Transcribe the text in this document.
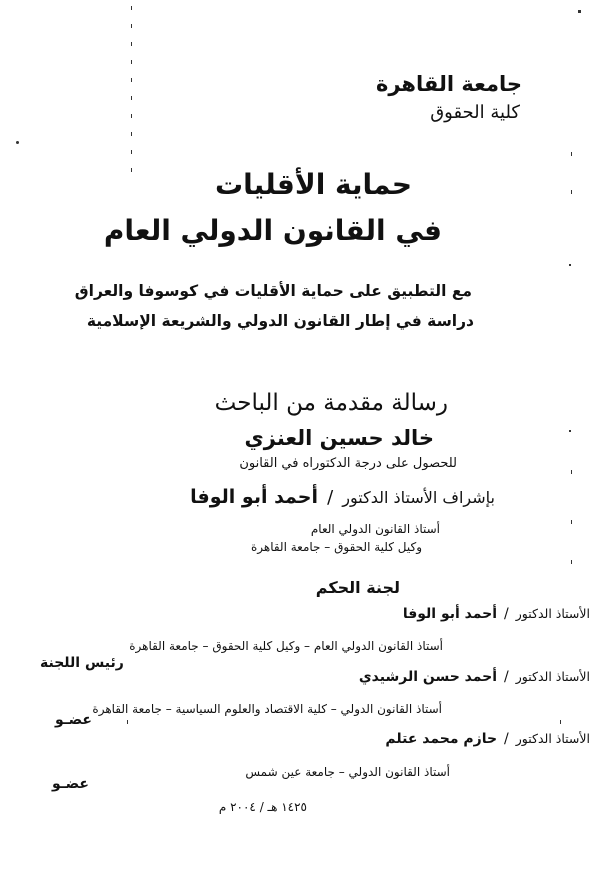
جامعة القاهرة
كلية الحقوق
حماية الأقليات
في القانون الدولي العام
مع التطبيق على حماية الأقليات في كوسوفا والعراق
دراسة في إطار القانون الدولي والشريعة الإسلامية
رسالة مقدمة من الباحث
خالد حسين العنزي
للحصول على درجة الدكتوراه في القانون
بإشراف الأستاذ الدكتور / أحمد أبو الوفا
أستاذ القانون الدولي العام
وكيل كلية الحقوق – جامعة القاهرة
لجنة الحكم
الأستاذ الدكتور / أحمد أبو الوفا
أستاذ القانون الدولي العام – وكيل كلية الحقوق – جامعة القاهرة
رئيس اللجنة
الأستاذ الدكتور / أحمد حسن الرشيدي
أستاذ القانون الدولي – كلية الاقتصاد والعلوم السياسية – جامعة القاهرة
عضـو
الأستاذ الدكتور / حازم محمد عتلم
أستاذ القانون الدولي – جامعة عين شمس
عضـو
١٤٢٥ هـ / ٢٠٠٤ م
